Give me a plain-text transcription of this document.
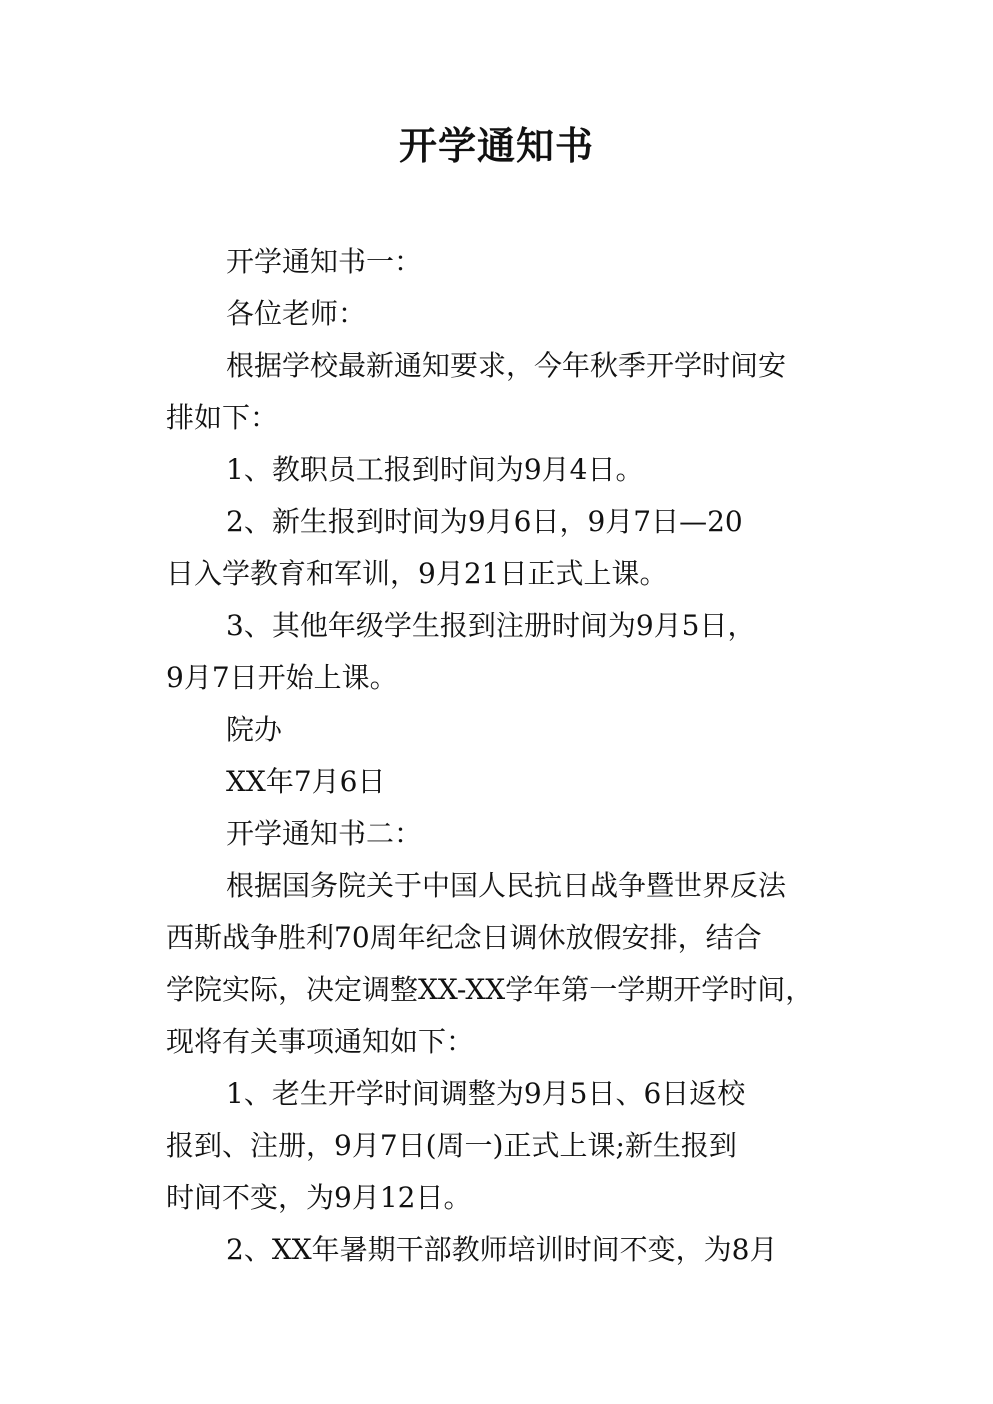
开学通知书

开学通知书一：

各位老师：

根据学校最新通知要求，今年秋季开学时间安

排如下：

1、教职员工报到时间为9月4日。

2、新生报到时间为9月6日，9月7日—20

日入学教育和军训，9月21日正式上课。

3、其他年级学生报到注册时间为9月5日，

9月7日开始上课。

院办

XX年7月6日

开学通知书二：

根据国务院关于中国人民抗日战争暨世界反法

西斯战争胜利70周年纪念日调休放假安排，结合

学院实际，决定调整XX-XX学年第一学期开学时间，

现将有关事项通知如下：

1、老生开学时间调整为9月5日、6日返校

报到、注册，9月7日(周一)正式上课;新生报到

时间不变，为9月12日。

2、XX年暑期干部教师培训时间不变，为8月
